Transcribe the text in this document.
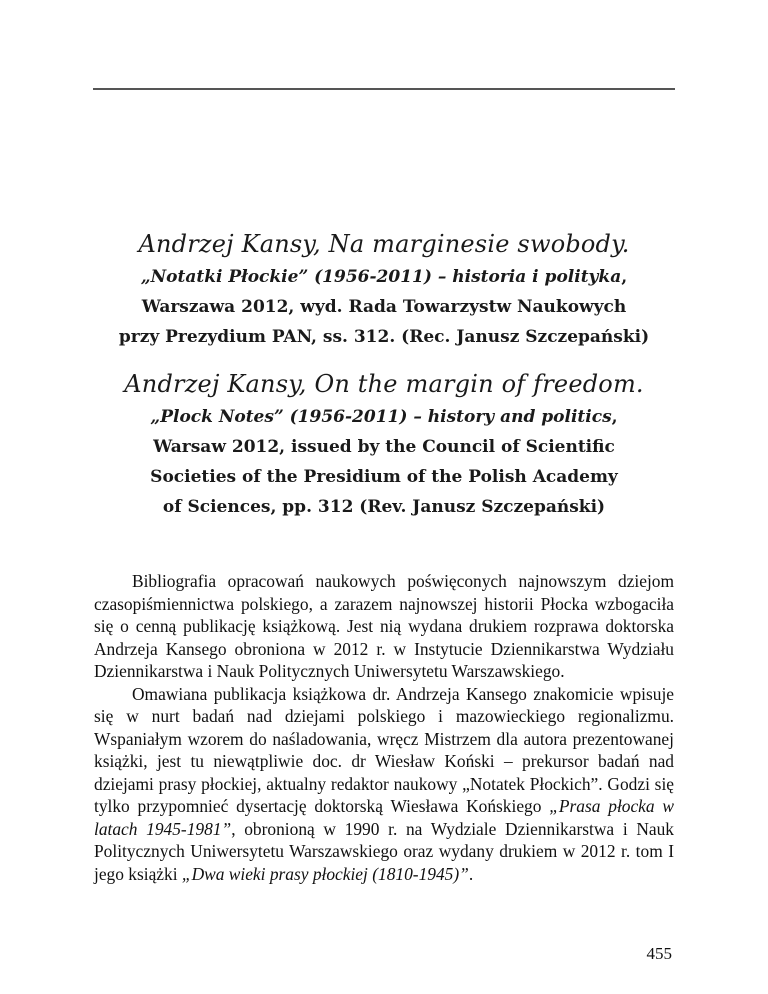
Andrzej Kansy, Na marginesie swobody.

„Notatki Płockie” (1956-2011) – historia i polityka,

Warszawa 2012, wyd. Rada Towarzystw Naukowych

przy Prezydium PAN, ss. 312. (Rec. Janusz Szczepański)

Andrzej Kansy, On the margin of freedom.

„Plock Notes” (1956-2011) – history and politics,

Warsaw 2012, issued by the Council of Scientific

Societies of the Presidium of the Polish Academy

of Sciences, pp. 312 (Rev. Janusz Szczepański)

Bibliografia opracowań naukowych poświęconych najnowszym dziejom czasopiśmiennictwa polskiego, a zarazem najnowszej historii Płocka wzbogaciła się o cenną publikację książkową. Jest nią wydana drukiem rozprawa doktorska Andrzeja Kansego obroniona w 2012 r. w Instytucie Dziennikarstwa Wydziału Dziennikarstwa i Nauk Politycznych Uniwersytetu Warszawskiego.

Omawiana publikacja książkowa dr. Andrzeja Kansego znakomicie wpisuje się w nurt badań nad dziejami polskiego i mazowieckiego regionalizmu. Wspaniałym wzorem do naśladowania, wręcz Mistrzem dla autora prezentowanej książki, jest tu niewątpliwie doc. dr Wiesław Koński – prekursor badań nad dziejami prasy płockiej, aktualny redaktor naukowy „Notatek Płockich”. Godzi się tylko przypomnieć dysertację doktorską Wiesława Końskiego „Prasa płocka w latach 1945-1981”, obronioną w 1990 r. na Wydziale Dziennikarstwa i Nauk Politycznych Uniwersytetu Warszawskiego oraz wydany drukiem w 2012 r. tom I jego książki „Dwa wieki prasy płockiej (1810-1945)”.

455
